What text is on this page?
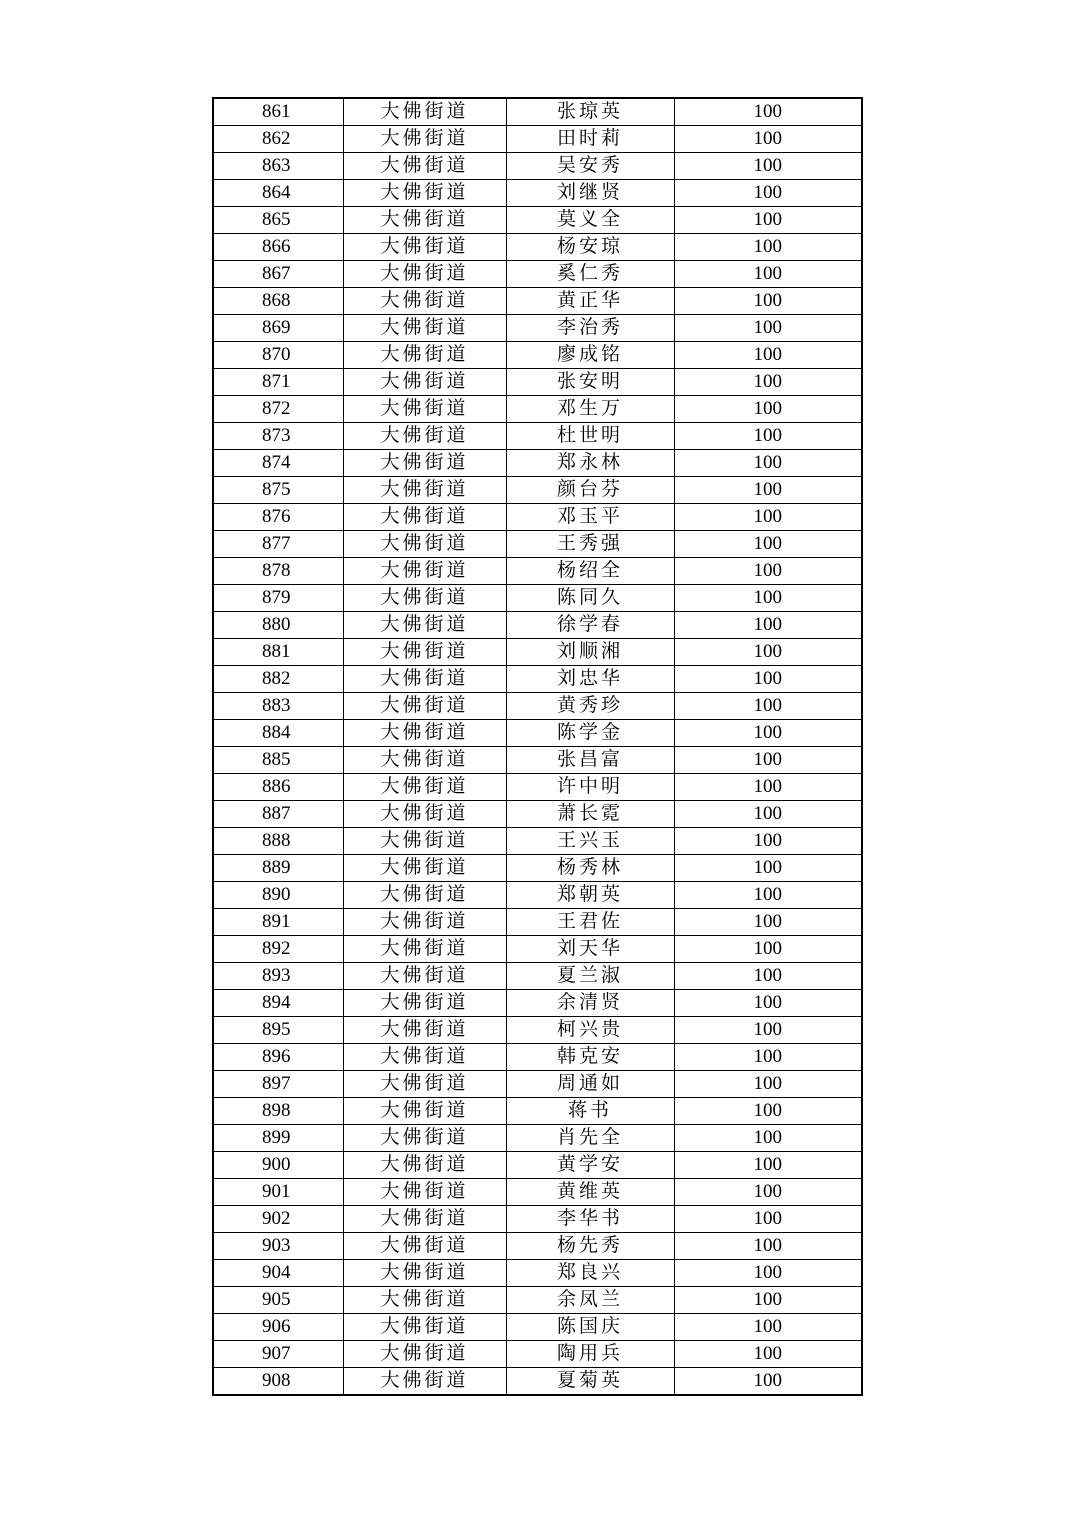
861	大佛街道	张琼英	100
862	大佛街道	田时莉	100
863	大佛街道	吴安秀	100
864	大佛街道	刘继贤	100
865	大佛街道	莫义全	100
866	大佛街道	杨安琼	100
867	大佛街道	奚仁秀	100
868	大佛街道	黄正华	100
869	大佛街道	李治秀	100
870	大佛街道	廖成铭	100
871	大佛街道	张安明	100
872	大佛街道	邓生万	100
873	大佛街道	杜世明	100
874	大佛街道	郑永林	100
875	大佛街道	颜台芬	100
876	大佛街道	邓玉平	100
877	大佛街道	王秀强	100
878	大佛街道	杨绍全	100
879	大佛街道	陈同久	100
880	大佛街道	徐学春	100
881	大佛街道	刘顺湘	100
882	大佛街道	刘忠华	100
883	大佛街道	黄秀珍	100
884	大佛街道	陈学金	100
885	大佛街道	张昌富	100
886	大佛街道	许中明	100
887	大佛街道	萧长霓	100
888	大佛街道	王兴玉	100
889	大佛街道	杨秀林	100
890	大佛街道	郑朝英	100
891	大佛街道	王君佐	100
892	大佛街道	刘天华	100
893	大佛街道	夏兰淑	100
894	大佛街道	余清贤	100
895	大佛街道	柯兴贵	100
896	大佛街道	韩克安	100
897	大佛街道	周通如	100
898	大佛街道	蒋书	100
899	大佛街道	肖先全	100
900	大佛街道	黄学安	100
901	大佛街道	黄维英	100
902	大佛街道	李华书	100
903	大佛街道	杨先秀	100
904	大佛街道	郑良兴	100
905	大佛街道	余凤兰	100
906	大佛街道	陈国庆	100
907	大佛街道	陶用兵	100
908	大佛街道	夏菊英	100
